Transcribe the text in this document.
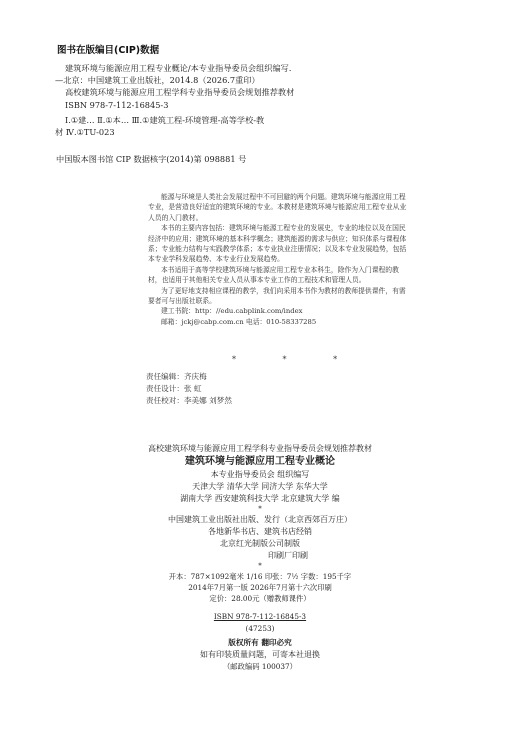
图书在版编目(CIP)数据
建筑环境与能源应用工程专业概论/本专业指导委员会组织编写．
—北京：中国建筑工业出版社，2014.8（2026.7重印）
高校建筑环境与能源应用工程学科专业指导委员会规划推荐教材
ISBN 978-7-112-16845-3
Ⅰ.①建… Ⅱ.①本… Ⅲ.①建筑工程-环境管理-高等学校-教
材 Ⅳ.①TU-023
中国版本图书馆 CIP 数据核字(2014)第 098881 号

能源与环境是人类社会发展过程中不可回避的两个问题。建筑环境与能源应用工程专业，是营造良好适宜的建筑环境的专业。本教材是建筑环境与能源应用工程专业从业人员的入门教材。

本书的主要内容包括：建筑环境与能源工程专业的发展史，专业的地位以及在国民经济中的应用；建筑环境的基本科学概念；建筑能源的需求与供应；知识体系与课程体系；专业能力结构与实践教学体系；本专业执业注册情况；以及本专业发展趋势，包括本专业学科发展趋势、本专业行业发展趋势。

本书适用于高等学校建筑环境与能源应用工程专业本科生，除作为入门课程的教材，也适用于其他相关专业人员从事本专业工作的工程技术和管理人员。

为了更好地支持相应课程的教学，我们向采用本书作为教材的教师提供课件，有需要者可与出版社联系。

建工书院：http：//edu.cabplink.com/index
邮箱：jckj@cabp.com.cn 电话：010-58337285
* * *
责任编辑：齐庆梅
责任设计：张 虹
责任校对：李美娜 刘梦然
高校建筑环境与能源应用工程学科专业指导委员会规划推荐教材
建筑环境与能源应用工程专业概论
本专业指导委员会 组织编写
天津大学 清华大学 同济大学 东华大学
湖南大学 西安建筑科技大学 北京建筑大学 编
*
中国建筑工业出版社出版、发行（北京西郊百万庄）
各地新华书店、建筑书店经销
北京红光制版公司制版
印刷厂印刷
*
开本：787×1092毫米 1/16 印张：7½ 字数：195千字
2014年7月第一版 2026年7月第十六次印刷
定价：28.00元（赠教师课件）
ISBN 978-7-112-16845-3
(47253)
版权所有 翻印必究
如有印装质量问题，可寄本社退换
（邮政编码 100037）
